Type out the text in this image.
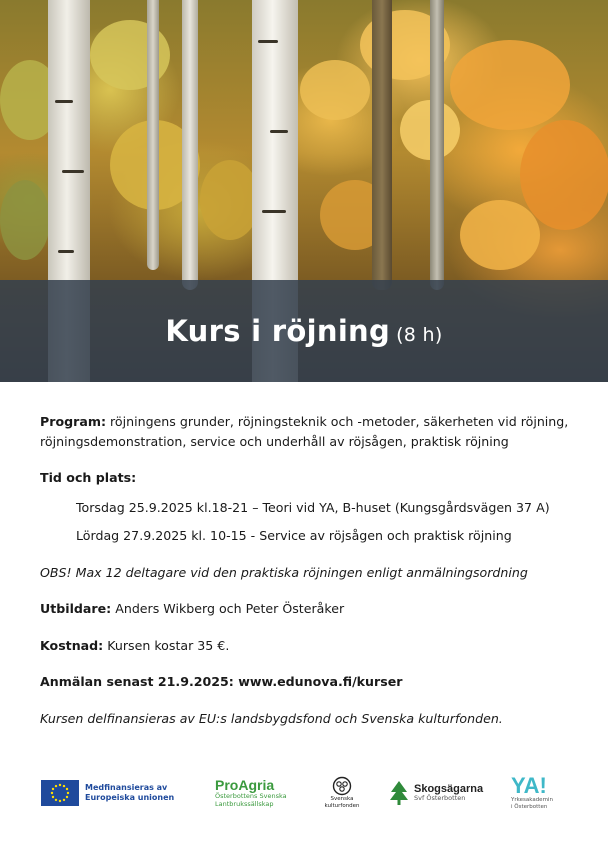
Kurs i röjning (8 h)

Program: röjningens grunder, röjningsteknik och -metoder, säkerheten vid röjning, röjningsdemonstration, service och underhåll av röjsågen, praktisk röjning

Tid och plats:
Torsdag 25.9.2025 kl.18-21 – Teori vid YA, B-huset (Kungsgårdsvägen 37 A)
Lördag 27.9.2025 kl. 10-15 - Service av röjsågen och praktisk röjning

OBS! Max 12 deltagare vid den praktiska röjningen enligt anmälningsordning

Utbildare: Anders Wikberg och Peter Österåker

Kostnad: Kursen kostar 35 €.

Anmälan senast 21.9.2025: www.edunova.fi/kurser

Kursen delfinansieras av EU:s landsbygdsfond och Svenska kulturfonden.

Medfinansieras av
Europeiska unionen
ProAgria
Österbottens Svenska
Lantbrukssällskap
Svenska
kulturfonden
Skogsägarna
Svf Österbotten
YA!
Yrkesakademin
i Österbotten
